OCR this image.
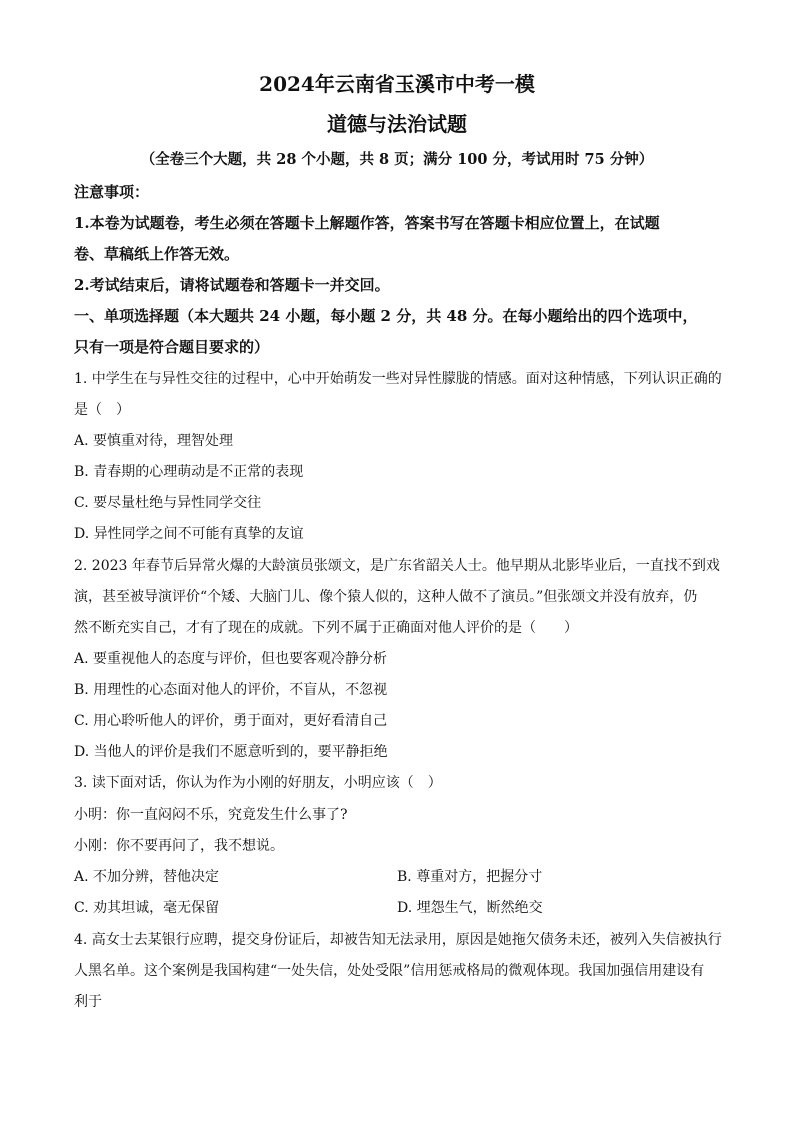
2024年云南省玉溪市中考一模
道德与法治试题
（全卷三个大题，共 28 个小题，共 8 页；满分 100 分，考试用时 75 分钟）
注意事项：
1.本卷为试题卷，考生必须在答题卡上解题作答，答案书写在答题卡相应位置上，在试题
卷、草稿纸上作答无效。
2.考试结束后，请将试题卷和答题卡一并交回。
一、单项选择题（本大题共 24 小题，每小题 2 分，共 48 分。在每小题给出的四个选项中，
只有一项是符合题目要求的）
1. 中学生在与异性交往的过程中，心中开始萌发一些对异性朦胧的情感。面对这种情感，下列认识正确的
是（　）
A. 要慎重对待，理智处理
B. 青春期的心理萌动是不正常的表现
C. 要尽量杜绝与异性同学交往
D. 异性同学之间不可能有真挚的友谊
2. 2023 年春节后异常火爆的大龄演员张颂文，是广东省韶关人士。他早期从北影毕业后，一直找不到戏
演，甚至被导演评价“个矮、大脑门儿、像个猿人似的，这种人做不了演员。”但张颂文并没有放弃，仍
然不断充实自己，才有了现在的成就。下列不属于正确面对他人评价的是（　　）
A. 要重视他人的态度与评价，但也要客观冷静分析
B. 用理性的心态面对他人的评价，不盲从，不忽视
C. 用心聆听他人的评价，勇于面对，更好看清自己
D. 当他人的评价是我们不愿意听到的，要平静拒绝
3. 读下面对话，你认为作为小刚的好朋友，小明应该（　）
小明：你一直闷闷不乐，究竟发生什么事了?
小刚：你不要再问了，我不想说。
A. 不加分辨，替他决定	B. 尊重对方，把握分寸
C. 劝其坦诚，毫无保留	D. 埋怨生气，断然绝交
4. 高女士去某银行应聘，提交身份证后，却被告知无法录用，原因是她拖欠债务未还，被列入失信被执行
人黑名单。这个案例是我国构建“一处失信，处处受限”信用惩戒格局的微观体现。我国加强信用建设有
利于
